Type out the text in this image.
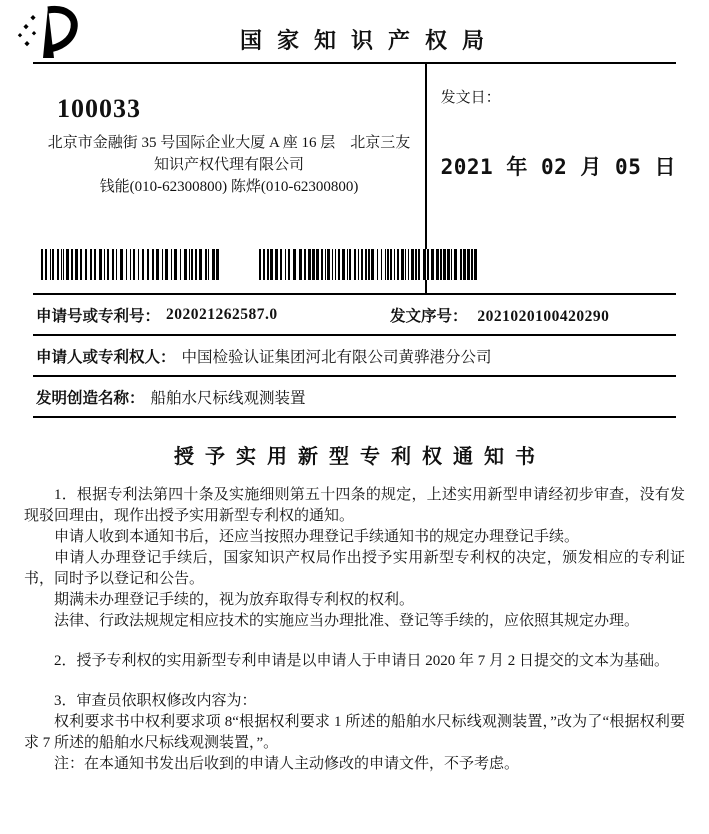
国家知识产权局
100033
北京市金融街 35 号国际企业大厦 A 座 16 层　北京三友知识产权代理有限公司
钱能(010-62300800) 陈烨(010-62300800)
发文日：
2021 年 02 月 05 日
申请号或专利号： 202021262587.0	发文序号： 2021020100420290
申请人或专利权人： 中国检验认证集团河北有限公司黄骅港分公司
发明创造名称： 船舶水尺标线观测装置
授予实用新型专利权通知书

1．根据专利法第四十条及实施细则第五十四条的规定，上述实用新型申请经初步审查，没有发现驳回理由，现作出授予实用新型专利权的通知。

申请人收到本通知书后，还应当按照办理登记手续通知书的规定办理登记手续。

申请人办理登记手续后，国家知识产权局作出授予实用新型专利权的决定，颁发相应的专利证书，同时予以登记和公告。

期满未办理登记手续的，视为放弃取得专利权的权利。

法律、行政法规规定相应技术的实施应当办理批准、登记等手续的，应依照其规定办理。

2．授予专利权的实用新型专利申请是以申请人于申请日 2020 年 7 月 2 日提交的文本为基础。

3．审查员依职权修改内容为：

权利要求书中权利要求项 8“根据权利要求 1 所述的船舶水尺标线观测装置，”改为了“根据权利要求 7 所述的船舶水尺标线观测装置，”。

注：在本通知书发出后收到的申请人主动修改的申请文件，不予考虑。
